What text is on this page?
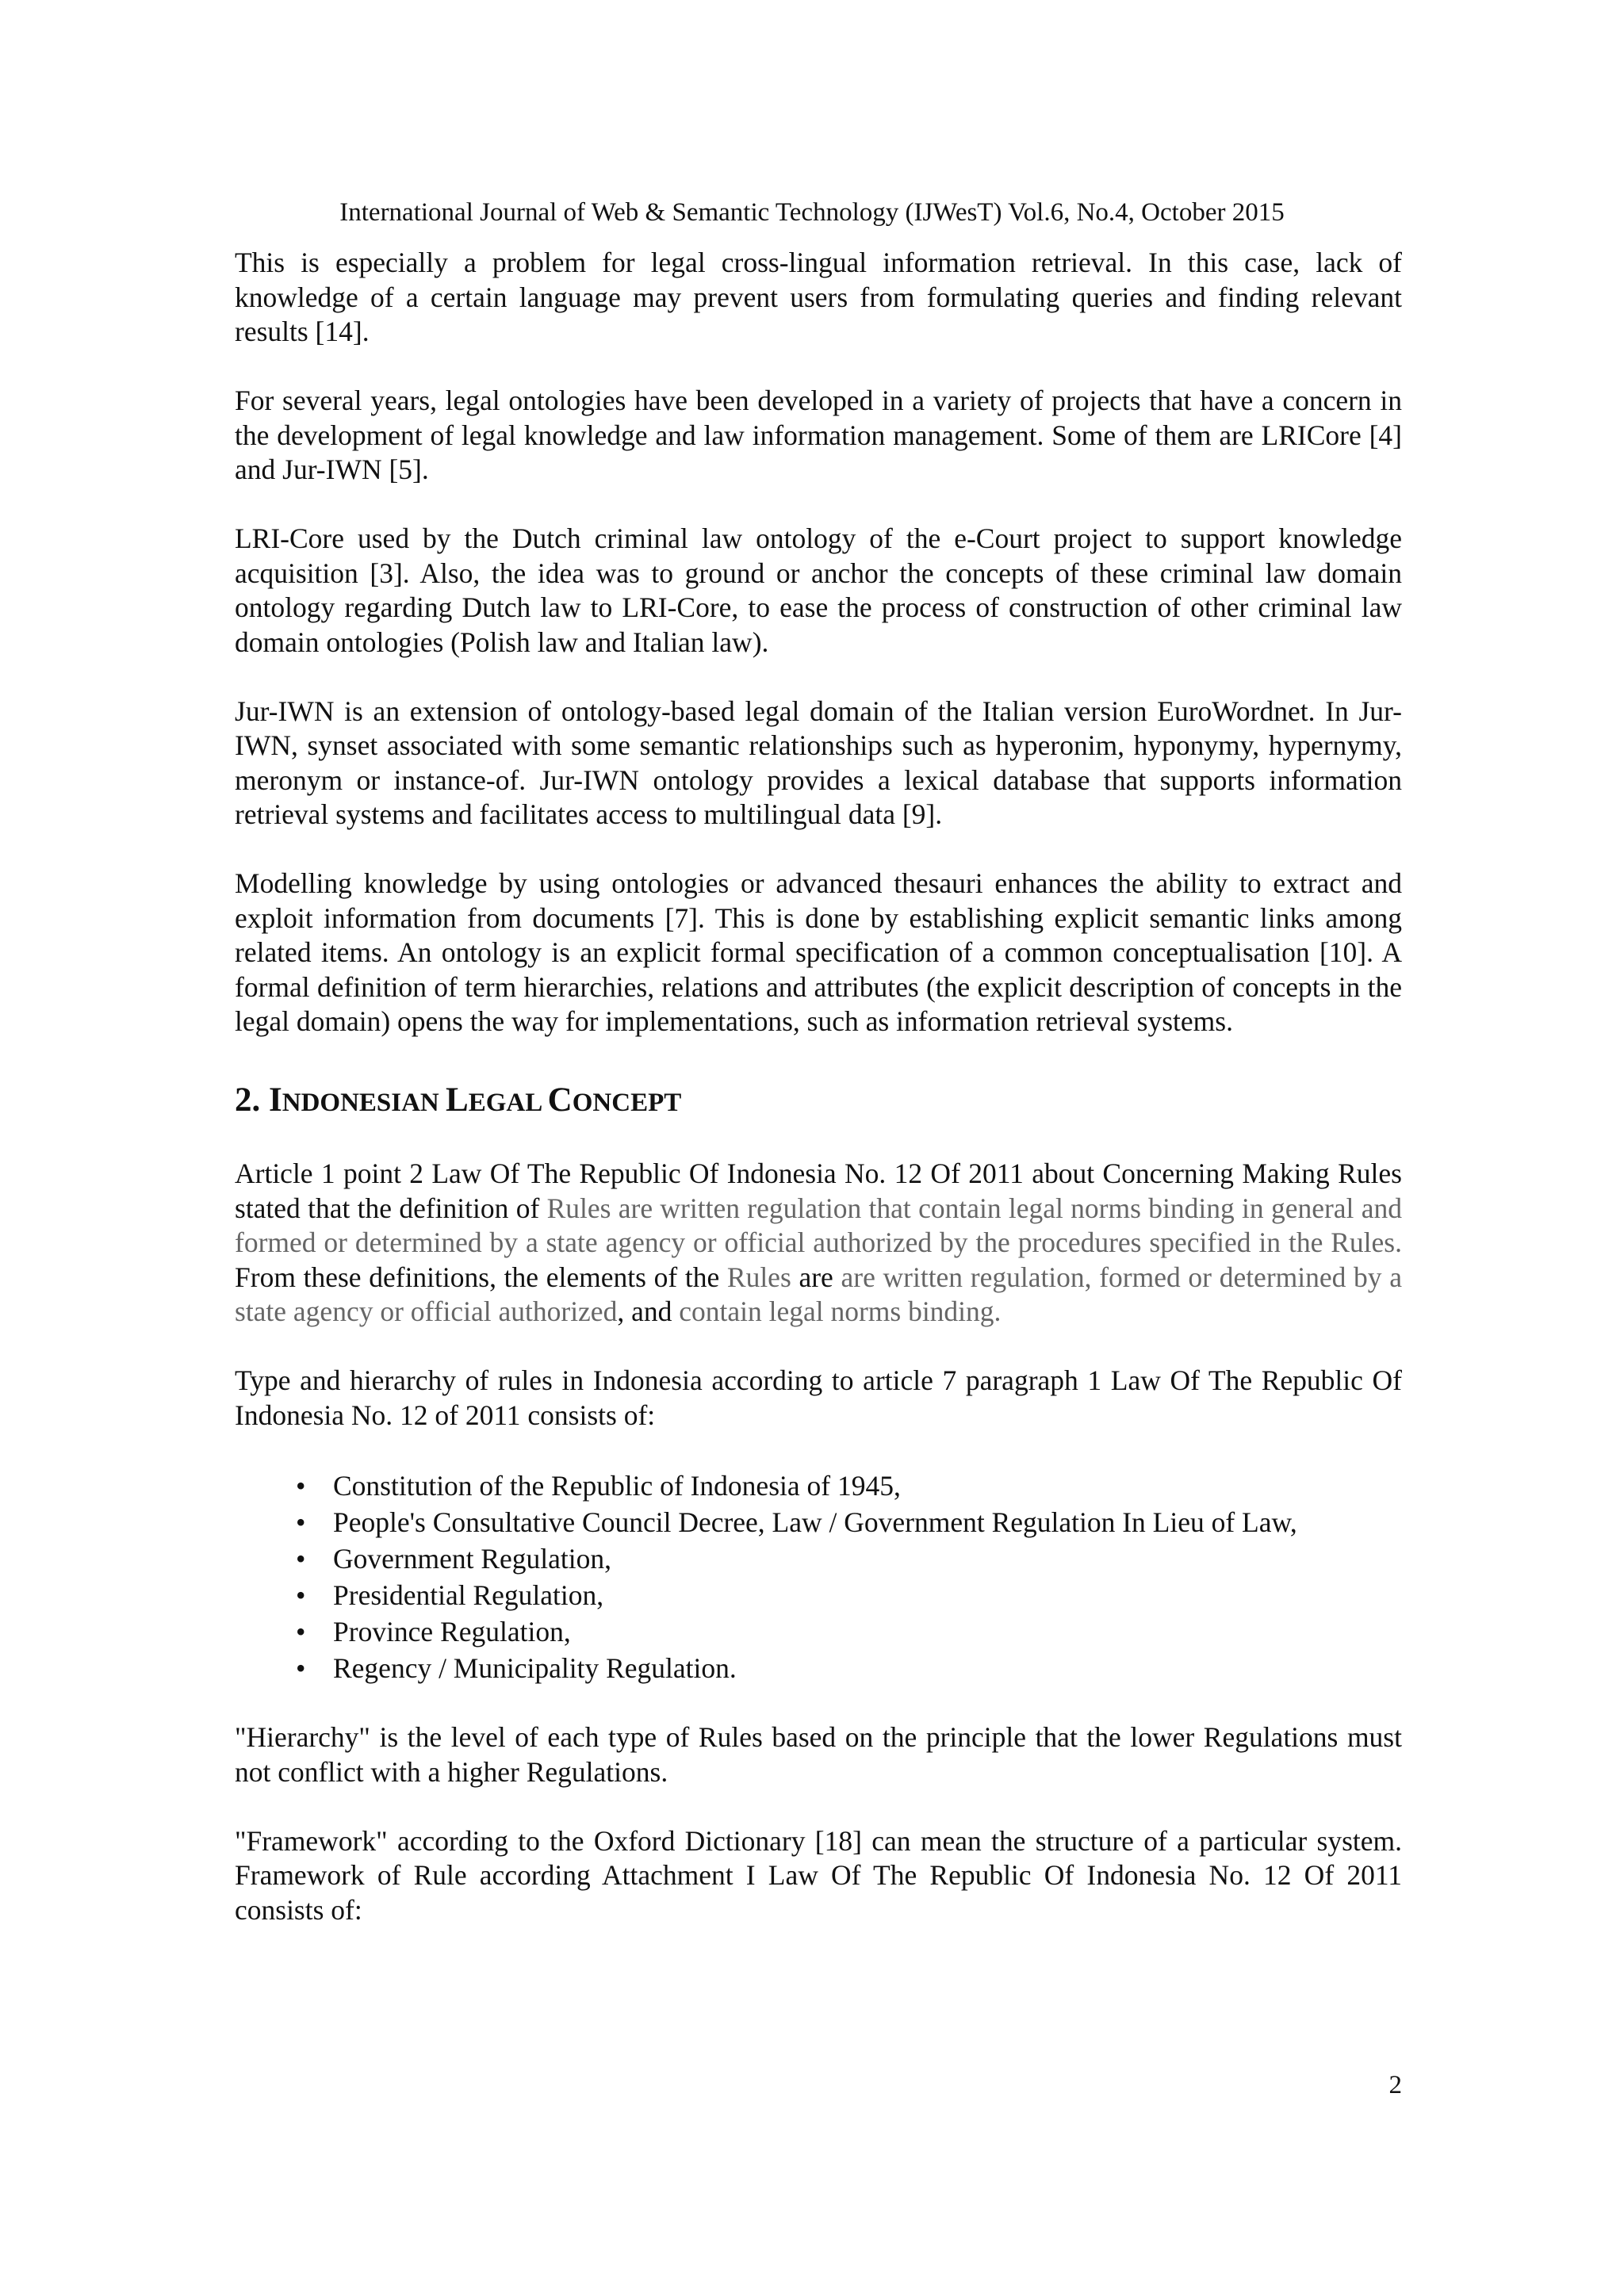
International Journal of Web & Semantic Technology (IJWesT) Vol.6, No.4, October 2015

This is especially a problem for legal cross-lingual information retrieval. In this case, lack of knowledge of a certain language may prevent users from formulating queries and finding relevant results [14].

For several years, legal ontologies have been developed in a variety of projects that have a concern in the development of legal knowledge and law information management. Some of them are LRICore [4] and Jur-IWN [5].

LRI-Core used by the Dutch criminal law ontology of the e-Court project to support knowledge acquisition [3]. Also, the idea was to ground or anchor the concepts of these criminal law domain ontology regarding Dutch law to LRI-Core, to ease the process of construction of other criminal law domain ontologies (Polish law and Italian law).

Jur-IWN is an extension of ontology-based legal domain of the Italian version EuroWordnet. In Jur-IWN, synset associated with some semantic relationships such as hyperonim, hyponymy, hypernymy, meronym or instance-of. Jur-IWN ontology provides a lexical database that supports information retrieval systems and facilitates access to multilingual data [9].

Modelling knowledge by using ontologies or advanced thesauri enhances the ability to extract and exploit information from documents [7]. This is done by establishing explicit semantic links among related items. An ontology is an explicit formal specification of a common conceptualisation [10]. A formal definition of term hierarchies, relations and attributes (the explicit description of concepts in the legal domain) opens the way for implementations, such as information retrieval systems.

2. INDONESIAN LEGAL CONCEPT

Article 1 point 2 Law Of The Republic Of Indonesia No. 12 Of 2011 about Concerning Making Rules stated that the definition of Rules are written regulation that contain legal norms binding in general and formed or determined by a state agency or official authorized by the procedures specified in the Rules. From these definitions, the elements of the Rules are are written regulation, formed or determined by a state agency or official authorized, and contain legal norms binding.

Type and hierarchy of rules in Indonesia according to article 7 paragraph 1 Law Of The Republic Of Indonesia No. 12 of 2011 consists of:

• Constitution of the Republic of Indonesia of 1945,
• People's Consultative Council Decree, Law / Government Regulation In Lieu of Law,
• Government Regulation,
• Presidential Regulation,
• Province Regulation,
• Regency / Municipality Regulation.

"Hierarchy" is the level of each type of Rules based on the principle that the lower Regulations must not conflict with a higher Regulations.

"Framework" according to the Oxford Dictionary [18] can mean the structure of a particular system. Framework of Rule according Attachment I Law Of The Republic Of Indonesia No. 12 Of 2011 consists of:

2
